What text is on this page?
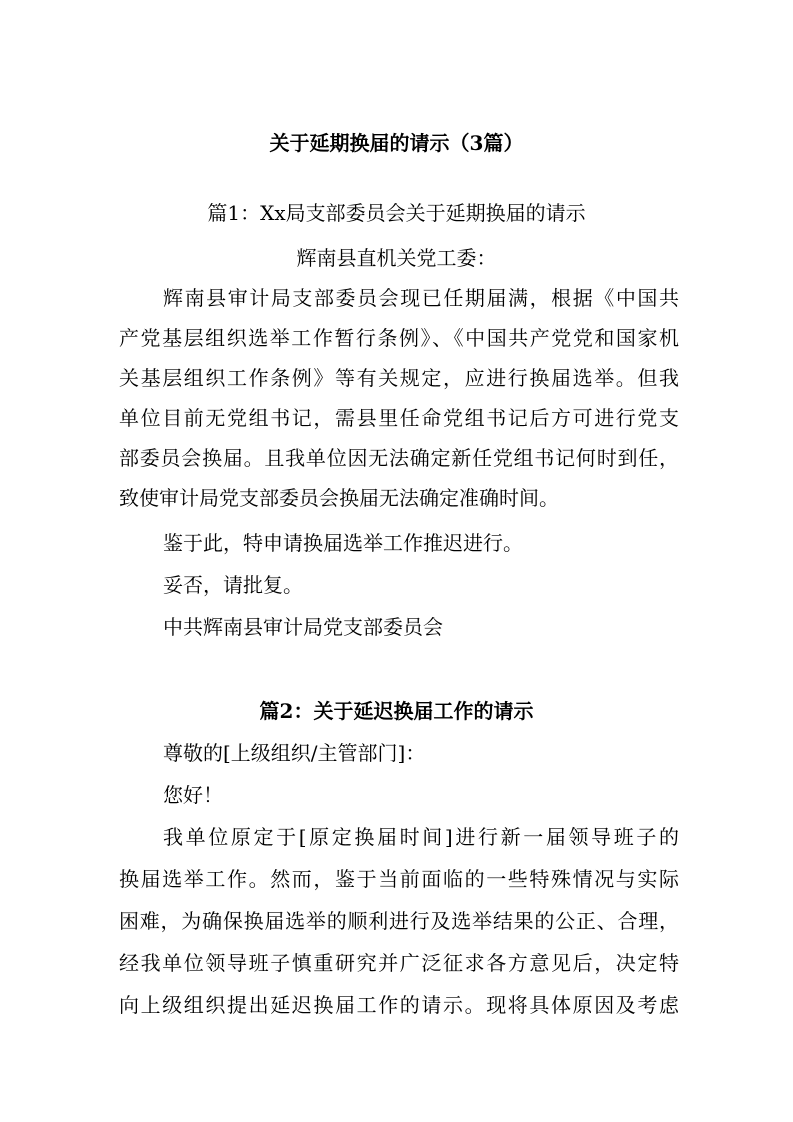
关于延期换届的请示（3篇）

篇1：Xx局支部委员会关于延期换届的请示

辉南县直机关党工委：

辉南县审计局支部委员会现已任期届满，根据《中国共

产党基层组织选举工作暂行条例》、《中国共产党党和国家机

关基层组织工作条例》等有关规定，应进行换届选举。但我

单位目前无党组书记，需县里任命党组书记后方可进行党支

部委员会换届。且我单位因无法确定新任党组书记何时到任，

致使审计局党支部委员会换届无法确定准确时间。

鉴于此，特申请换届选举工作推迟进行。

妥否，请批复。

中共辉南县审计局党支部委员会

篇2：关于延迟换届工作的请示

尊敬的[上级组织/主管部门]：

您好！

我单位原定于[原定换届时间]进行新一届领导班子的

换届选举工作。然而，鉴于当前面临的一些特殊情况与实际

困难，为确保换届选举的顺利进行及选举结果的公正、合理，

经我单位领导班子慎重研究并广泛征求各方意见后，决定特

向上级组织提出延迟换届工作的请示。现将具体原因及考虑
